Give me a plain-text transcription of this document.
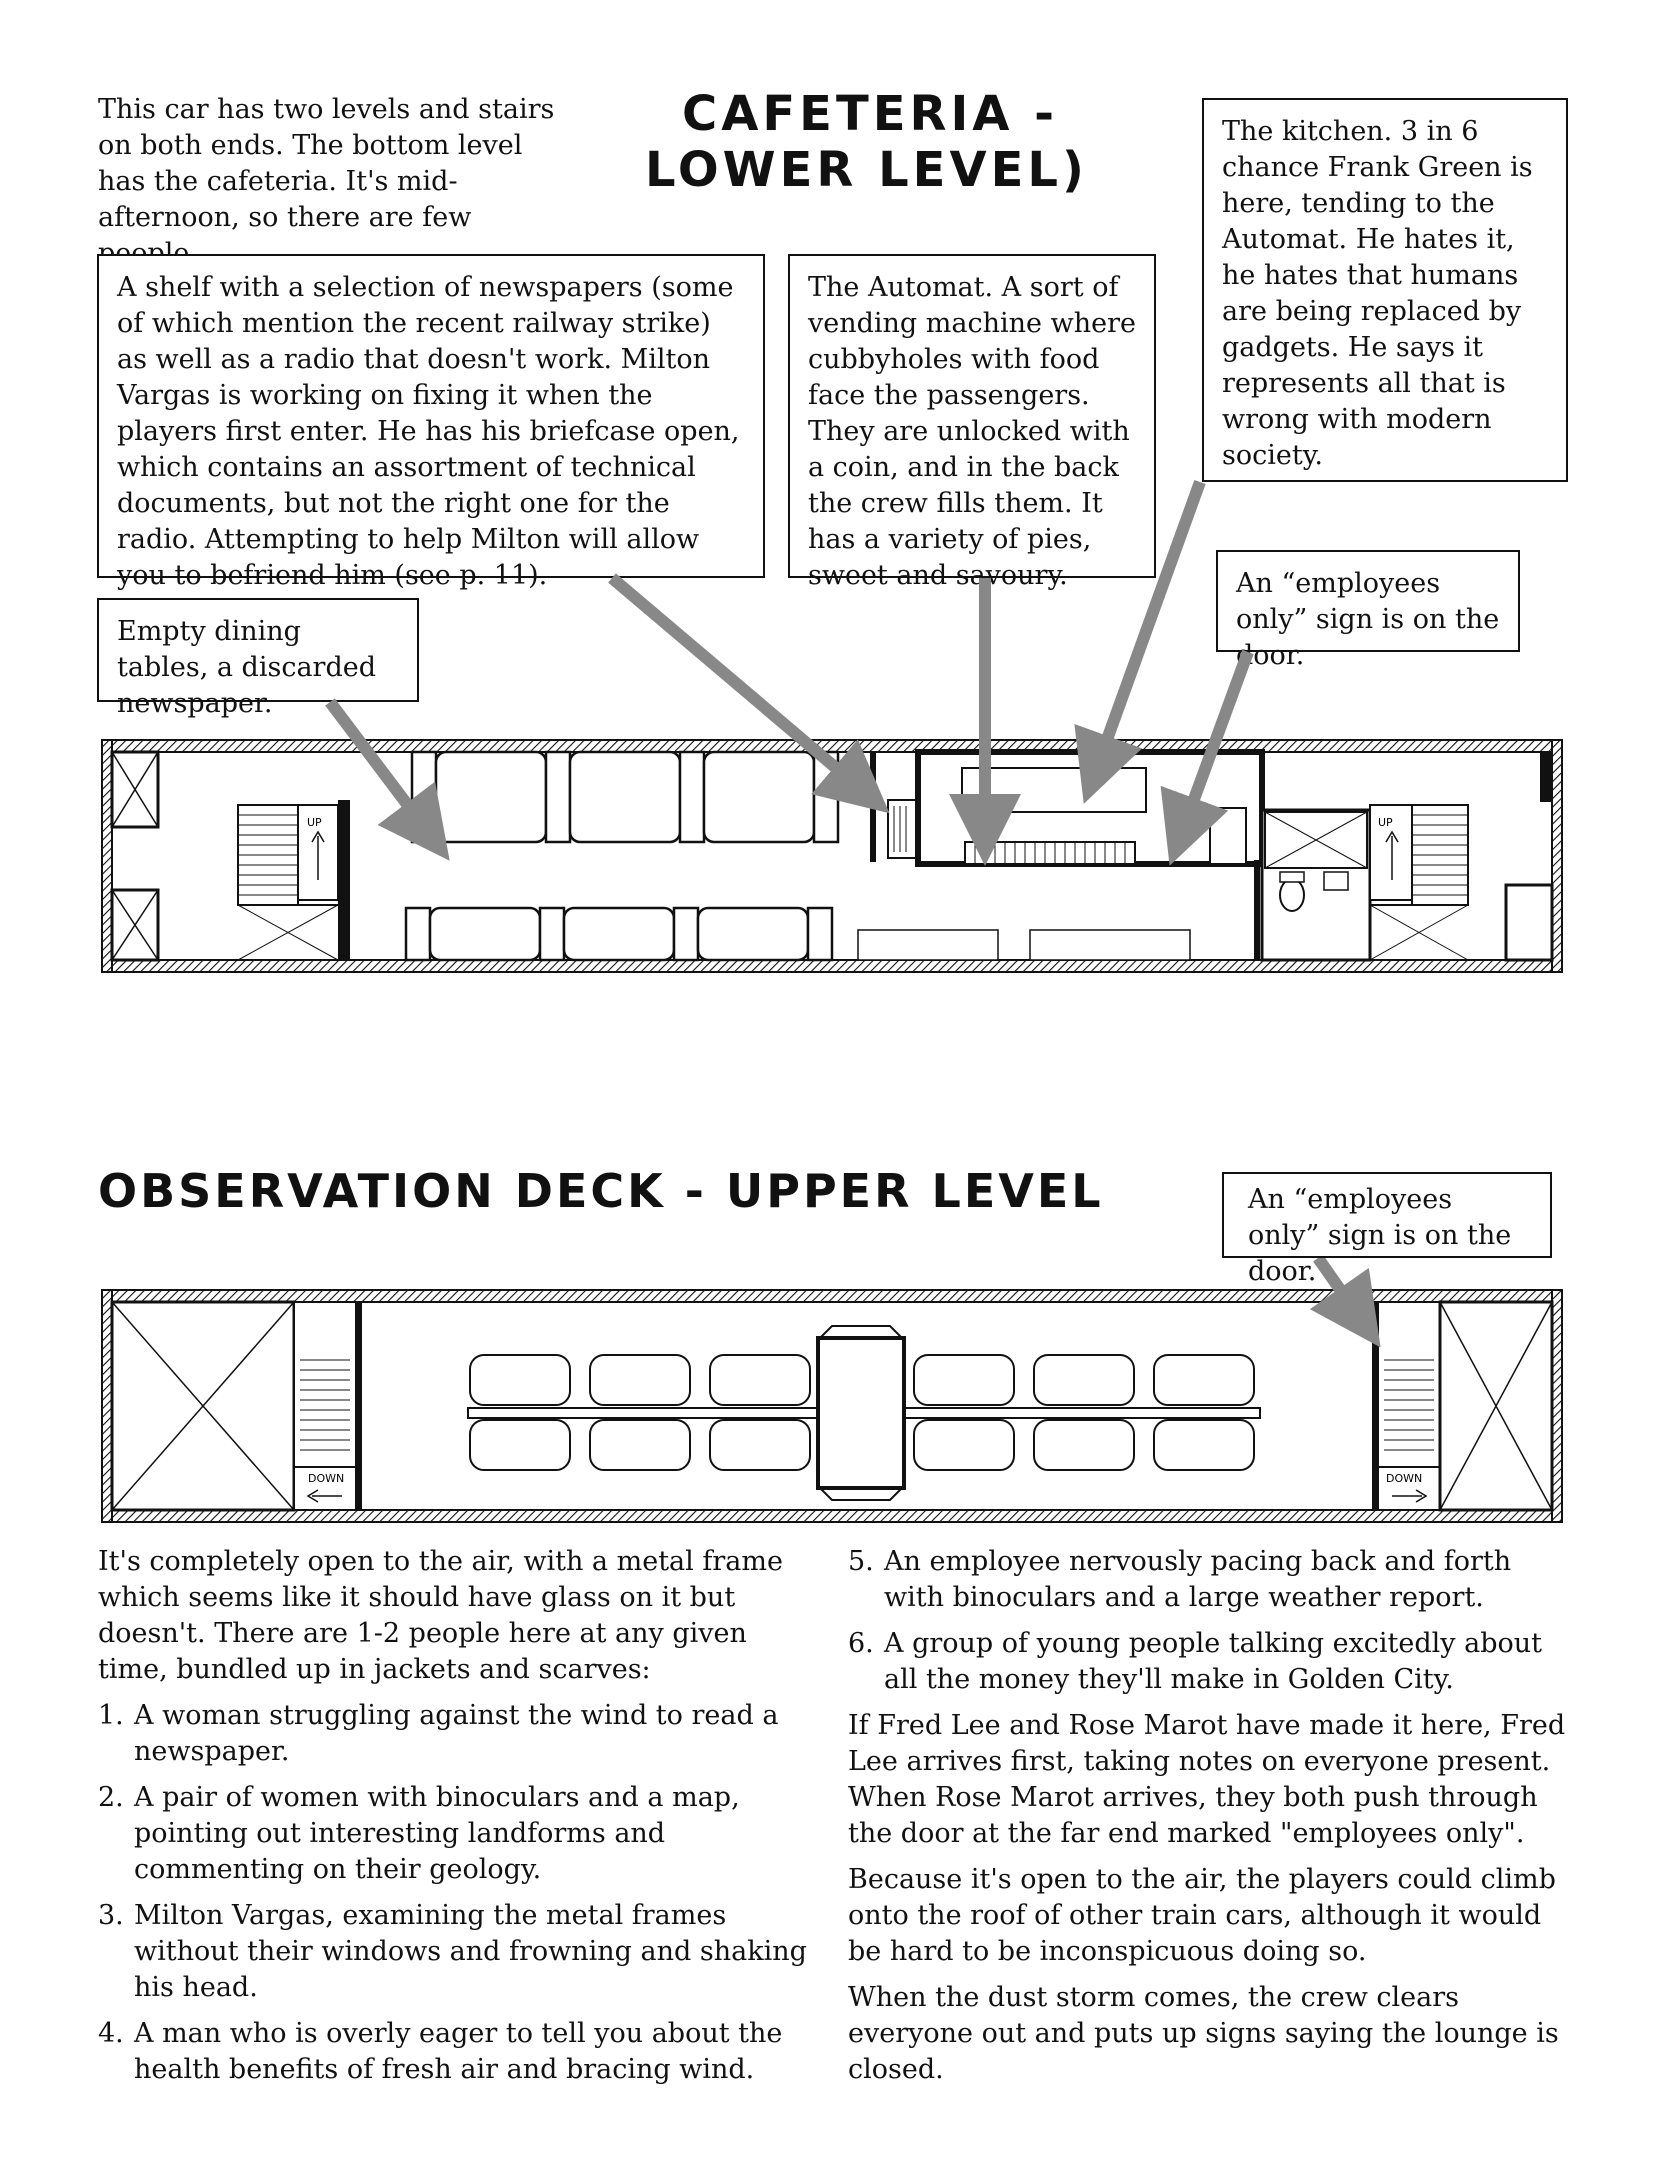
This car has two levels and stairs on both ends. The bottom level has the cafeteria. It's mid-afternoon, so there are few
CAFETERIA -
LOWER LEVEL)
A shelf with a selection of newspapers (some of which mention the recent railway strike) as well as a radio that doesn't work. Milton Vargas is working on fixing it when the players first enter. He has his briefcase open, which contains an assortment of technical documents, but not the right one for the radio. Attempting to help Milton will allow you to befriend him (see p. 11).
The Automat. A sort of vending machine where cubbyholes with food face the passengers. They are unlocked with a coin, and in the back the crew fills them. It has a variety of pies, sweet and savoury.
The kitchen. 3 in 6 chance Frank Green is here, tending to the Automat. He hates it, he hates that humans are being replaced by gadgets. He says it represents all that is wrong with modern society.
Empty dining tables, a discarded newspaper.
An “employees only” sign is on the door.
UP	UP
DOWN	DOWN
OBSERVATION DECK - UPPER LEVEL	An “employees only” sign is on the door.

It's completely open to the air, with a metal frame which seems like it should have glass on it but doesn't. There are 1-2 people here at any given time, bundled up in jackets and scarves:

1. A woman struggling against the wind to read a newspaper.
2. A pair of women with binoculars and a map, pointing out interesting landforms and commenting on their geology.
3. Milton Vargas, examining the metal frames without their windows and frowning and shaking his head.
4. A man who is overly eager to tell you about the health benefits of fresh air and bracing wind.
5. An employee nervously pacing back and forth with binoculars and a large weather report.
6. A group of young people talking excitedly about all the money they'll make in Golden City.

If Fred Lee and Rose Marot have made it here, Fred Lee arrives first, taking notes on everyone present. When Rose Marot arrives, they both push through the door at the far end marked "employees only".

Because it's open to the air, the players could climb onto the roof of other train cars, although it would be hard to be inconspicuous doing so.

When the dust storm comes, the crew clears everyone out and puts up signs saying the lounge is closed.
